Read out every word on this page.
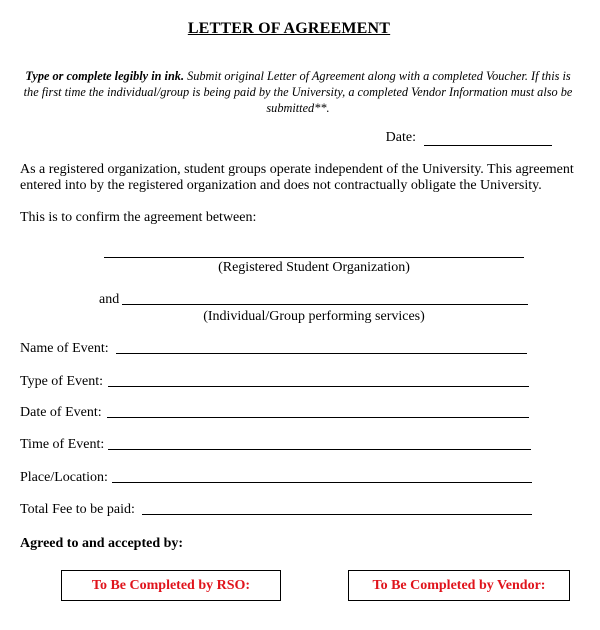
LETTER OF AGREEMENT
Type or complete legibly in ink. Submit original Letter of Agreement along with a completed Voucher. If this is the first time the individual/group is being paid by the University, a completed Vendor Information must also be submitted**.
Date:
As a registered organization, student groups operate independent of the University. This agreement entered into by the registered organization and does not contractually obligate the University.
This is to confirm the agreement between:
(Registered Student Organization)
and
(Individual/Group performing services)
Name of Event:
Type of Event:
Date of Event:
Time of Event:
Place/Location:
Total Fee to be paid:
Agreed to and accepted by:
To Be Completed by RSO:	To Be Completed by Vendor:
